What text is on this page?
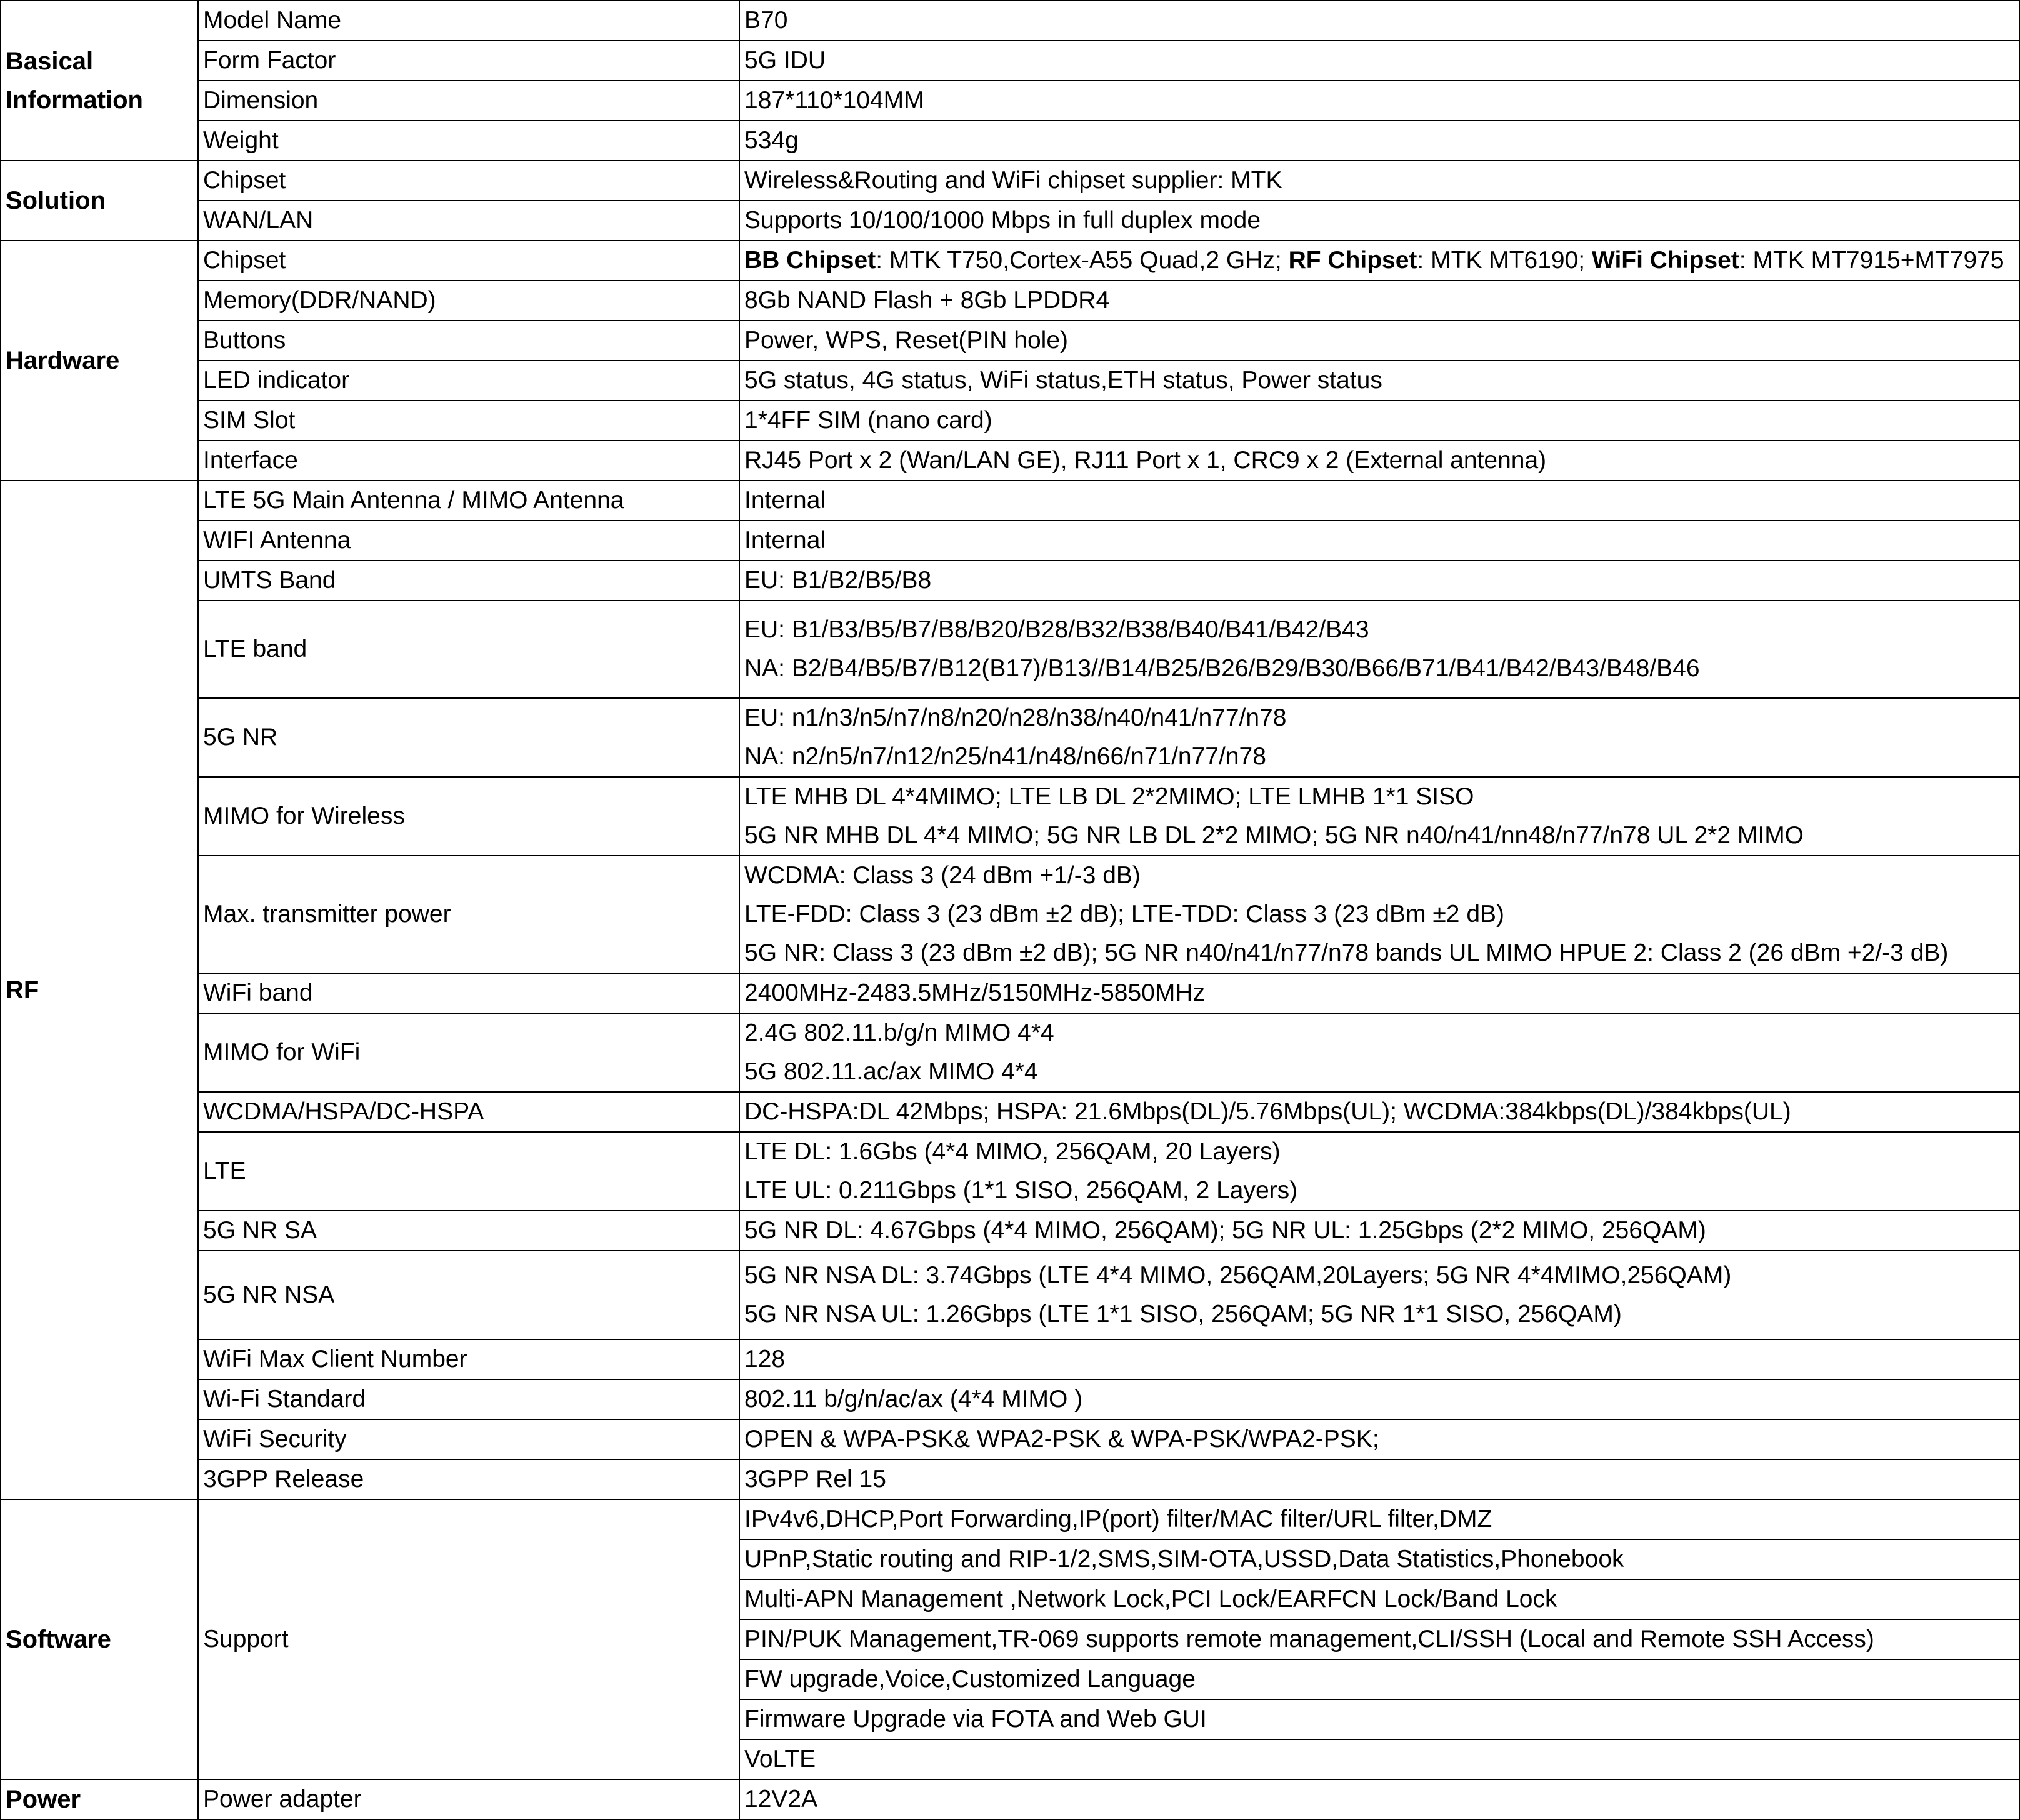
Basical Information	Model Name	B70
	Form Factor	5G IDU
	Dimension	187*110*104MM
	Weight	534g
Solution	Chipset	Wireless&Routing and WiFi chipset supplier: MTK
	WAN/LAN	Supports 10/100/1000 Mbps in full duplex mode
Hardware	Chipset	BB Chipset: MTK T750,Cortex-A55 Quad,2 GHz; RF Chipset: MTK MT6190; WiFi Chipset: MTK MT7915+MT7975
	Memory(DDR/NAND)	8Gb NAND Flash + 8Gb LPDDR4
	Buttons	Power, WPS, Reset(PIN hole)
	LED indicator	5G status, 4G status, WiFi status,ETH status, Power status
	SIM Slot	1*4FF SIM (nano card)
	Interface	RJ45 Port x 2 (Wan/LAN GE), RJ11 Port x 1, CRC9 x 2 (External antenna)
RF	LTE 5G Main Antenna / MIMO Antenna	Internal
	WIFI Antenna	Internal
	UMTS Band	EU: B1/B2/B5/B8
	LTE band	EU: B1/B3/B5/B7/B8/B20/B28/B32/B38/B40/B41/B42/B43
NA: B2/B4/B5/B7/B12(B17)/B13//B14/B25/B26/B29/B30/B66/B71/B41/B42/B43/B48/B46

	5G NR	EU: n1/n3/n5/n7/n8/n20/n28/n38/n40/n41/n77/n78
NA: n2/n5/n7/n12/n25/n41/n48/n66/n71/n77/n78

	MIMO for Wireless	LTE MHB DL 4*4MIMO; LTE LB DL 2*2MIMO; LTE LMHB 1*1 SISO
5G NR MHB DL 4*4 MIMO; 5G NR LB DL 2*2 MIMO; 5G NR n40/n41/nn48/n77/n78 UL 2*2 MIMO

	Max. transmitter power	WCDMA: Class 3 (24 dBm +1/-3 dB)
LTE-FDD: Class 3 (23 dBm ±2 dB); LTE-TDD: Class 3 (23 dBm ±2 dB)
5G NR: Class 3 (23 dBm ±2 dB); 5G NR n40/n41/n77/n78 bands UL MIMO HPUE 2: Class 2 (26 dBm +2/-3 dB)

	WiFi band	2400MHz-2483.5MHz/5150MHz-5850MHz
	MIMO for WiFi	2.4G 802.11.b/g/n MIMO 4*4
5G 802.11.ac/ax MIMO 4*4

	WCDMA/HSPA/DC-HSPA	DC-HSPA:DL 42Mbps; HSPA: 21.6Mbps(DL)/5.76Mbps(UL); WCDMA:384kbps(DL)/384kbps(UL)
	LTE	LTE DL: 1.6Gbs (4*4 MIMO, 256QAM, 20 Layers)
LTE UL: 0.211Gbps (1*1 SISO, 256QAM, 2 Layers)

	5G NR SA	5G NR DL: 4.67Gbps (4*4 MIMO, 256QAM); 5G NR UL: 1.25Gbps (2*2 MIMO, 256QAM)
	5G NR NSA	5G NR NSA DL: 3.74Gbps (LTE 4*4 MIMO, 256QAM,20Layers; 5G NR 4*4MIMO,256QAM)
5G NR NSA UL: 1.26Gbps (LTE 1*1 SISO, 256QAM; 5G NR 1*1 SISO, 256QAM)

	WiFi Max Client Number	128
	Wi-Fi Standard	802.11 b/g/n/ac/ax (4*4 MIMO )
	WiFi Security	OPEN & WPA-PSK& WPA2-PSK & WPA-PSK/WPA2-PSK;
	3GPP Release	3GPP Rel 15
Software	Support	IPv4v6,DHCP,Port Forwarding,IP(port) filter/MAC filter/URL filter,DMZ
		UPnP,Static routing and RIP-1/2,SMS,SIM-OTA,USSD,Data Statistics,Phonebook
		Multi-APN Management ,Network Lock,PCI Lock/EARFCN Lock/Band Lock
		PIN/PUK Management,TR-069 supports remote management,CLI/SSH (Local and Remote SSH Access)
		FW upgrade,Voice,Customized Language
		Firmware Upgrade via FOTA and Web GUI
		VoLTE
Power	Power adapter	12V2A
